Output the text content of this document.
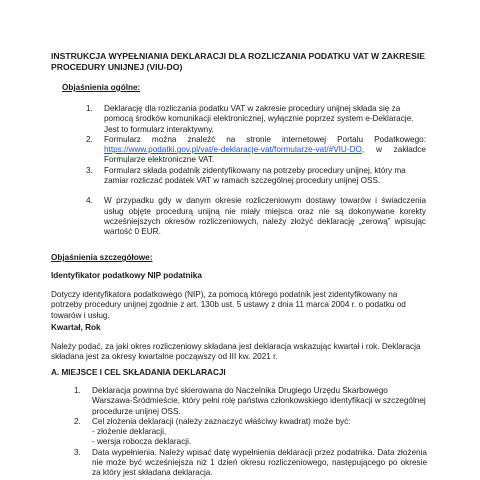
INSTRUKCJA WYPEŁNIANIA DEKLARACJI DLA ROZLICZANIA PODATKU VAT W ZAKRESIE PROCEDURY UNIJNEJ (VIU-DO)

Objaśnienia ogólne:

1. Deklarację dla rozliczania podatku VAT w zakresie procedury unijnej składa się za pomocą środków komunikacji elektronicznej, wyłącznie poprzez system e-Deklaracje. Jest to formularz interaktywny.
2. Formularz można znaleźć na stronie internetowej Portalu Podatkowego: https://www.podatki.gov.pl/vat/e-deklaracje-vat/formularze-vat/#VIU-DO, w zakładce Formularze elektroniczne VAT.
3. Formularz składa podatnik zidentyfikowany na potrzeby procedury unijnej, który ma zamiar rozliczać podatek VAT w ramach szczególnej procedury unijnej OSS.
4. W przypadku gdy w danym okresie rozliczeniowym dostawy towarów i świadczenia usług objęte procedurą unijną nie miały miejsca oraz nie są dokonywane korekty wcześniejszych okresów rozliczeniowych, należy złożyć deklarację „zerową” wpisując wartość 0 EUR.

Objaśnienia szczegółowe:

Identyfikator podatkowy NIP podatnika

Dotyczy identyfikatora podatkowego (NIP), za pomocą którego podatnik jest zidentyfikowany na potrzeby procedury unijnej zgodnie z art. 130b ust. 5 ustawy z dnia 11 marca 2004 r. o podatku od towarów i usług.

Kwartał, Rok

Należy podać, za jaki okres rozliczeniowy składana jest deklaracja wskazując kwartał i rok. Deklaracja składana jest za okresy kwartalne począwszy od III kw. 2021 r.

A. MIEJSCE I CEL SKŁADANIA DEKLARACJI

1. Deklaracja powinna być skierowana do Naczelnika Drugiego Urzędu Skarbowego Warszawa-Śródmieście, który pełni rolę państwa członkowskiego identyfikacji w szczególnej procedurze unijnej OSS.
2. Cel złożenia deklaracji (należy zaznaczyć właściwy kwadrat) może być:
- złożenie deklaracji,
- wersja robocza deklaracji.
3. Data wypełnienia. Należy wpisać datę wypełnienia deklaracji przez podatnika. Data złożenia nie może być wcześniejsza niż 1 dzień okresu rozliczeniowego, następującego po okresie za który jest składana deklaracja.
